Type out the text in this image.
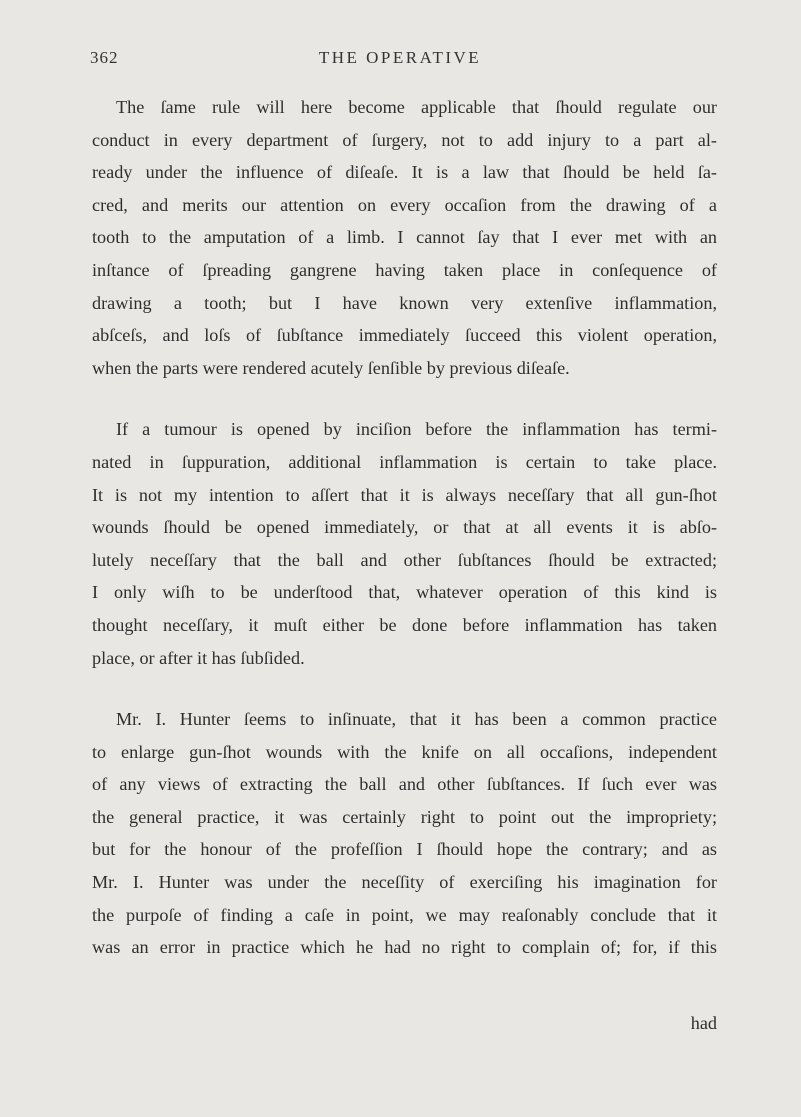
362	THE OPERATIVE
The ſame rule will here become applicable that ſhould regulate our
conduct in every department of ſurgery, not to add injury to a part al-
ready under the influence of diſeaſe. It is a law that ſhould be held ſa-
cred, and merits our attention on every occaſion from the drawing of a
tooth to the amputation of a limb. I cannot ſay that I ever met with an
inſtance of ſpreading gangrene having taken place in conſequence of
drawing a tooth; but I have known very extenſive inflammation,
abſceſs, and loſs of ſubſtance immediately ſucceed this violent operation,
when the parts were rendered acutely ſenſible by previous diſeaſe.
If a tumour is opened by inciſion before the inflammation has termi-
nated in ſuppuration, additional inflammation is certain to take place.
It is not my intention to aſſert that it is always neceſſary that all gun-ſhot
wounds ſhould be opened immediately, or that at all events it is abſo-
lutely neceſſary that the ball and other ſubſtances ſhould be extracted;
I only wiſh to be underſtood that, whatever operation of this kind is
thought neceſſary, it muſt either be done before inflammation has taken
place, or after it has ſubſided.
Mr. I. Hunter ſeems to inſinuate, that it has been a common practice
to enlarge gun-ſhot wounds with the knife on all occaſions, independent
of any views of extracting the ball and other ſubſtances. If ſuch ever was
the general practice, it was certainly right to point out the impropriety;
but for the honour of the profeſſion I ſhould hope the contrary; and as
Mr. I. Hunter was under the neceſſity of exerciſing his imagination for
the purpoſe of finding a caſe in point, we may reaſonably conclude that it
was an error in practice which he had no right to complain of; for, if this
had
